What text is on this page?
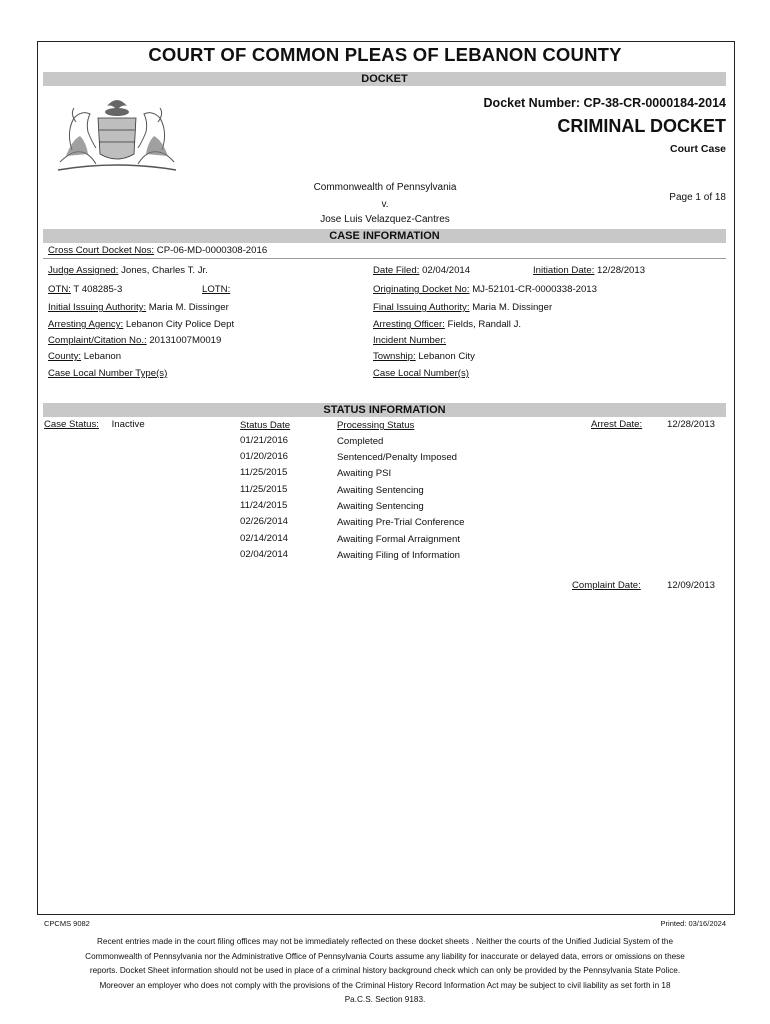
COURT OF COMMON PLEAS OF LEBANON COUNTY
DOCKET
Docket Number: CP-38-CR-0000184-2014
CRIMINAL DOCKET
Court Case
Commonwealth of Pennsylvania
v.
Jose Luis Velazquez-Cantres
Page 1 of 18
CASE INFORMATION
Cross Court Docket Nos: CP-06-MD-0000308-2016
Judge Assigned: Jones, Charles T. Jr.	Date Filed: 02/04/2014	Initiation Date: 12/28/2013
OTN: T 408285-3	LOTN:	Originating Docket No: MJ-52101-CR-0000338-2013
Initial Issuing Authority: Maria M. Dissinger	Final Issuing Authority: Maria M. Dissinger
Arresting Agency: Lebanon City Police Dept	Arresting Officer: Fields, Randall J.
Complaint/Citation No.: 20131007M0019	Incident Number:
County: Lebanon	Township: Lebanon City
Case Local Number Type(s)	Case Local Number(s)
STATUS INFORMATION
Case Status: Inactive	Status Date	Processing Status	Arrest Date:	12/28/2013
01/21/2016	Completed
01/20/2016	Sentenced/Penalty Imposed
11/25/2015	Awaiting PSI
11/25/2015	Awaiting Sentencing
11/24/2015	Awaiting Sentencing
02/26/2014	Awaiting Pre-Trial Conference
02/14/2014	Awaiting Formal Arraignment
02/04/2014	Awaiting Filing of Information
Complaint Date:	12/09/2013
CPCMS 9082	Printed: 03/16/2024
Recent entries made in the court filing offices may not be immediately reflected on these docket sheets . Neither the courts of the Unified Judicial System of the Commonwealth of Pennsylvania nor the Administrative Office of Pennsylvania Courts assume any liability for inaccurate or delayed data, errors or omissions on these reports. Docket Sheet information should not be used in place of a criminal history background check which can only be provided by the Pennsylvania State Police. Moreover an employer who does not comply with the provisions of the Criminal History Record Information Act may be subject to civil liability as set forth in 18 Pa.C.S. Section 9183.
